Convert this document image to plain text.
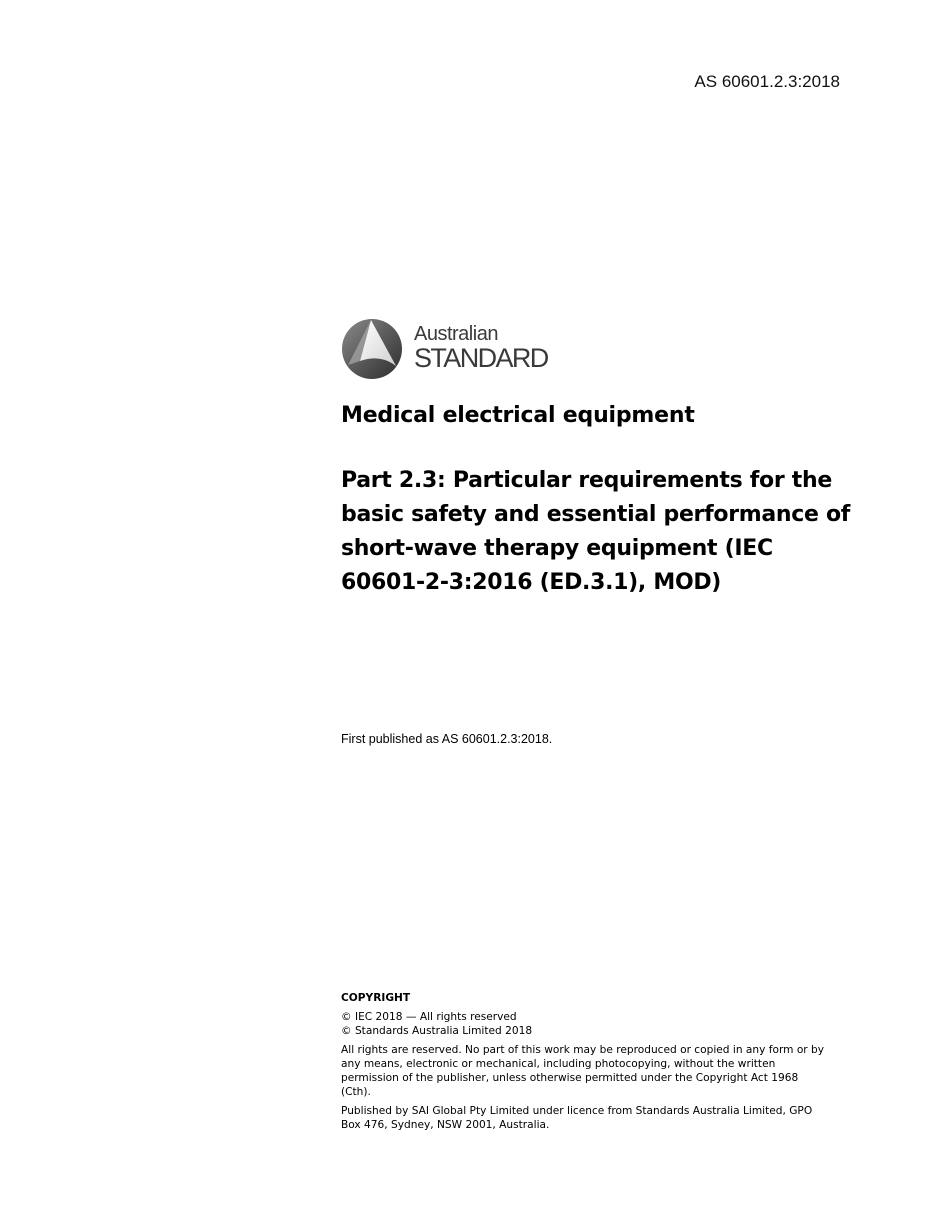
AS 60601.2.3:2018
Australian
STANDARD
Medical electrical equipment
Part 2.3: Particular requirements for the basic safety and essential performance of short-wave therapy equipment (IEC 60601-2-3:2016 (ED.3.1), MOD)
First published as AS 60601.2.3:2018.
COPYRIGHT

© IEC 2018 — All rights reserved
© Standards Australia Limited 2018

All rights are reserved. No part of this work may be reproduced or copied in any form or by any means, electronic or mechanical, including photocopying, without the written permission of the publisher, unless otherwise permitted under the Copyright Act 1968 (Cth).

Published by SAI Global Pty Limited under licence from Standards Australia Limited, GPO Box 476, Sydney, NSW 2001, Australia.
